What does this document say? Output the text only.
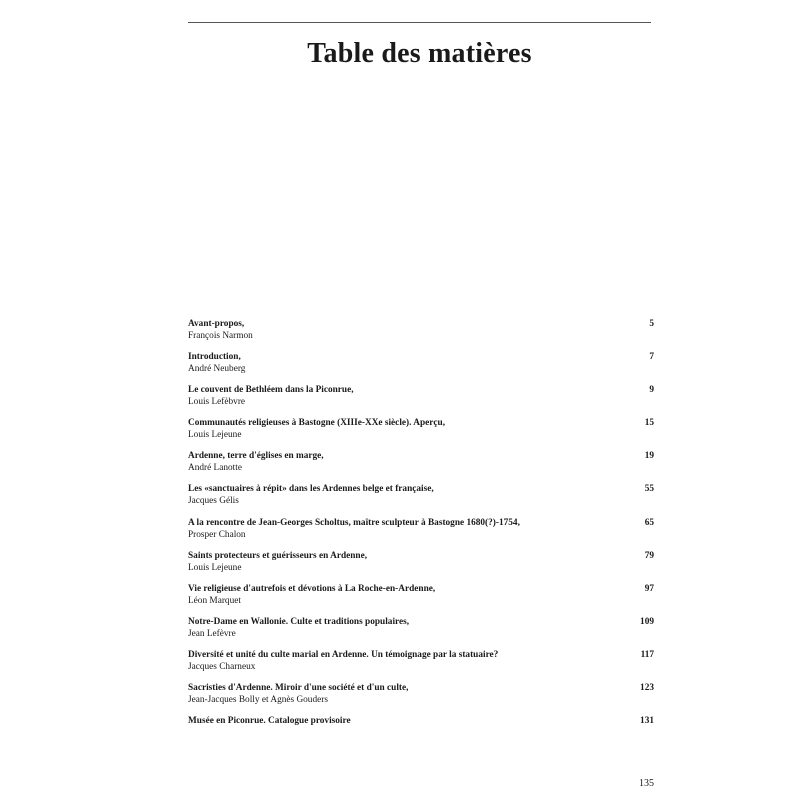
Table des matières
Avant-propos,
François Narmon
5
Introduction,
André Neuberg
7
Le couvent de Bethléem dans la Piconrue,
Louis Lefèbvre
9
Communautés religieuses à Bastogne (XIIIe-XXe siècle). Aperçu,
Louis Lejeune
15
Ardenne, terre d'églises en marge,
André Lanotte
19
Les «sanctuaires à répit» dans les Ardennes belge et française,
Jacques Gélis
55
A la rencontre de Jean-Georges Scholtus, maître sculpteur à Bastogne 1680(?)-1754,
Prosper Chalon
65
Saints protecteurs et guérisseurs en Ardenne,
Louis Lejeune
79
Vie religieuse d'autrefois et dévotions à La Roche-en-Ardenne,
Léon Marquet
97
Notre-Dame en Wallonie. Culte et traditions populaires,
Jean Lefèvre
109
Diversité et unité du culte marial en Ardenne. Un témoignage par la statuaire?
Jacques Charneux
117
Sacristies d'Ardenne. Miroir d'une société et d'un culte,
Jean-Jacques Bolly et Agnès Gouders
123
Musée en Piconrue. Catalogue provisoire	131
135
